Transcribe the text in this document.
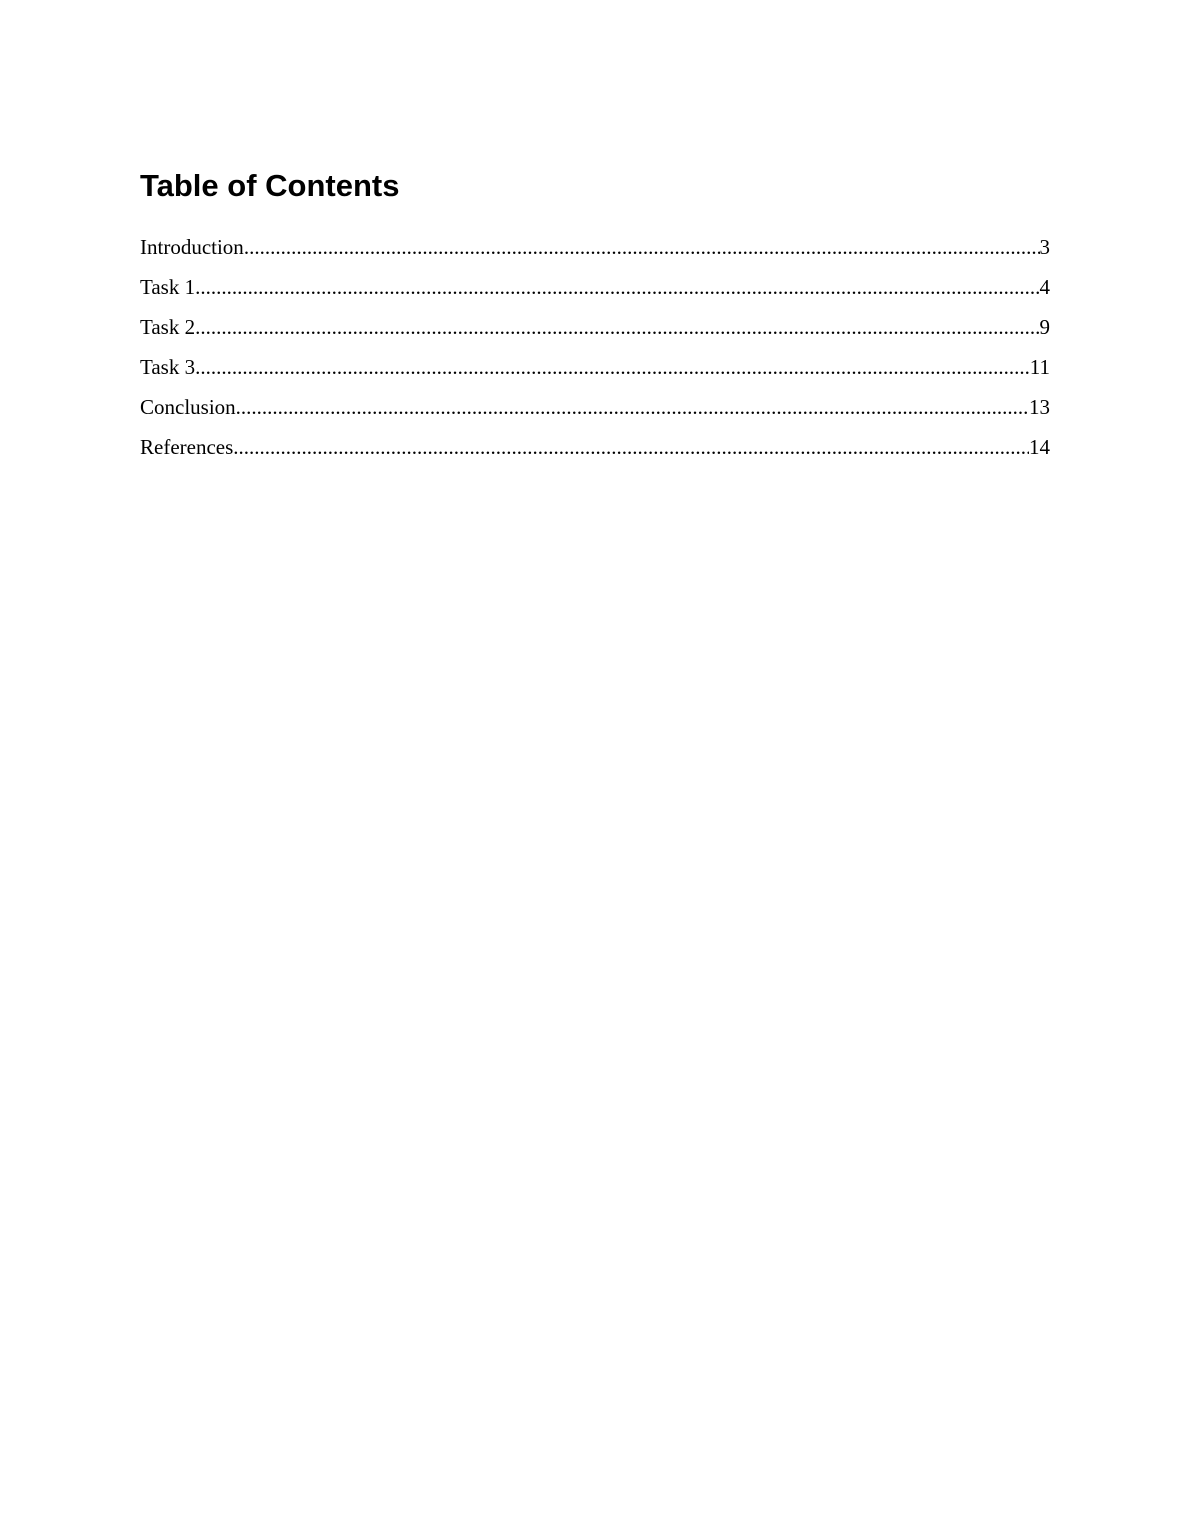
Table of Contents
Introduction .....	3
Task 1 .....	4
Task 2 .....	9
Task 3 .....	11
Conclusion .....	13
References .....	14
